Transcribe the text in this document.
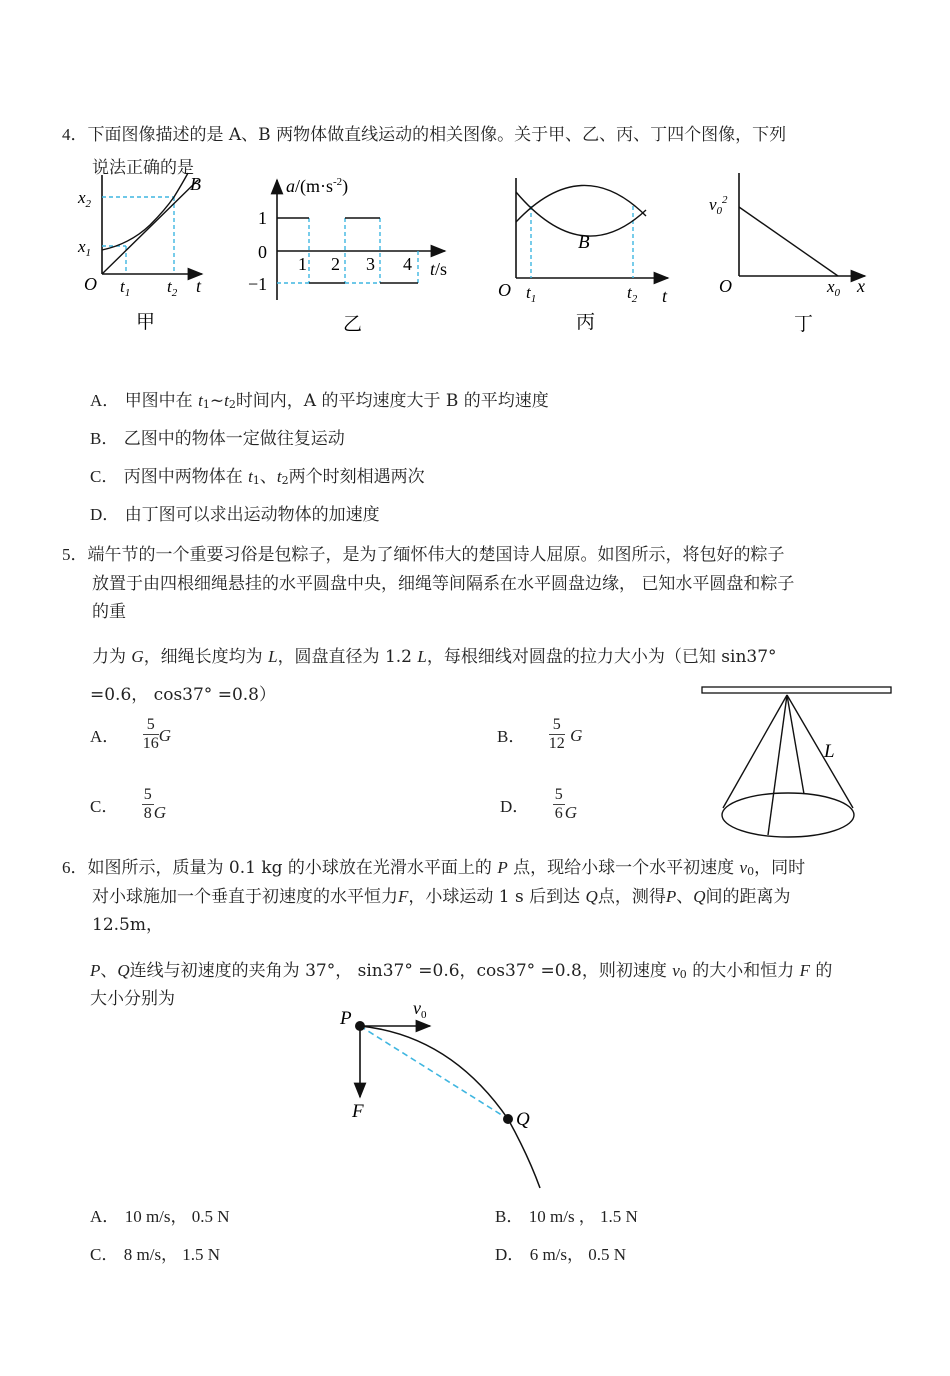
4．下面图像描述的是 A、B 两物体做直线运动的相关图像。关于甲、乙、丙、丁四个图像，下列
说法正确的是
B
$x_2$
$x_1$
O $t_1$ $t_2$ t
甲
$a/(m\cdot s^{-2})$
1
0
−1
1 2 3 4 t/s
乙
B
O $t_1$	$t_2$ t
丙
$v_0^2$
O	$x_0$ x
丁
A． 甲图中在 $t_1\sim t_2$时间内，A 的平均速度大于 B 的平均速度
B． 乙图中的物体一定做往复运动
C． 丙图中两物体在 $t_1$、$t_2$两个时刻相遇两次
D． 由丁图可以求出运动物体的加速度
5．端午节的一个重要习俗是包粽子，是为了缅怀伟大的楚国诗人屈原。如图所示，将包好的粽子
放置于由四根细绳悬挂的水平圆盘中央，细绳等间隔系在水平圆盘边缘， 已知水平圆盘和粽子
的重
力为 G，细绳长度均为 L，圆盘直径为 1.2 L，每根细线对圆盘的拉力大小为（已知 sin37°
=0.6， cos37° =0.8）
A． $\frac{5}{16}$ G	B． $\frac{5}{12}$ G
C． $\frac{5}{8}$ G	D． $\frac{5}{6}$ G
L
6．如图所示，质量为 0.1 kg 的小球放在光滑水平面上的 P 点，现给小球一个水平初速度 $v_0$，同时
对小球施加一个垂直于初速度的水平恒力F，小球运动 1 s 后到达 Q点，测得P、Q间的距离为
12.5m，
P、Q连线与初速度的夹角为 37°， sin37° =0.6，cos37° =0.8，则初速度 $v_0$ 的大小和恒力 F 的
大小分别为
P
Q
F
$v_0$
A． 10 m/s， 0.5 N	B． 10 m/s ， 1.5 N
C． 8 m/s， 1.5 N	D． 6 m/s， 0.5 N
